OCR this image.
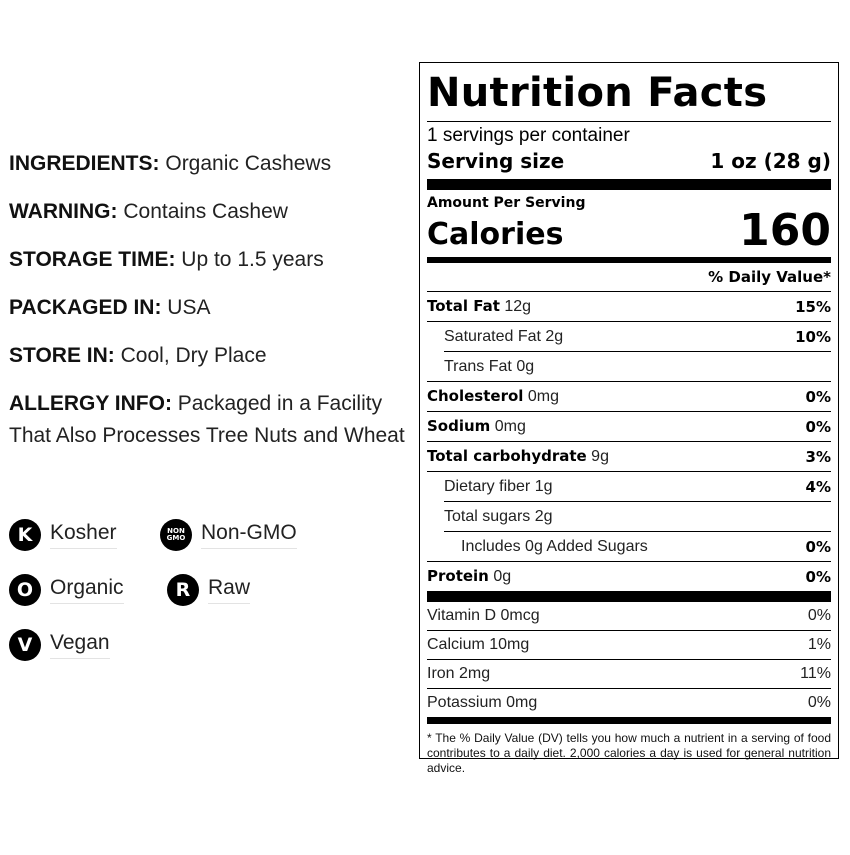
INGREDIENTS: Organic Cashews
WARNING: Contains Cashew
STORAGE TIME: Up to 1.5 years
PACKAGED IN: USA
STORE IN: Cool, Dry Place
ALLERGY INFO: Packaged in a Facility That Also Processes Tree Nuts and Wheat
K Kosher	NON
GMO Non-GMO
O Organic	R Raw
V Vegan
Nutrition Facts
1 servings per container
Serving size	1 oz (28 g)
Amount Per Serving
Calories	160
% Daily Value*
Total Fat 12g	15%
Saturated Fat 2g	10%
Trans Fat 0g
Cholesterol 0mg	0%
Sodium 0mg	0%
Total carbohydrate 9g	3%
Dietary fiber 1g	4%
Total sugars 2g
Includes 0g Added Sugars	0%
Protein 0g	0%
Vitamin D 0mcg	0%
Calcium 10mg	1%
Iron 2mg	11%
Potassium 0mg	0%
* The % Daily Value (DV) tells you how much a nutrient in a serving of food contributes to a daily diet. 2,000 calories a day is used for general nutrition advice.
